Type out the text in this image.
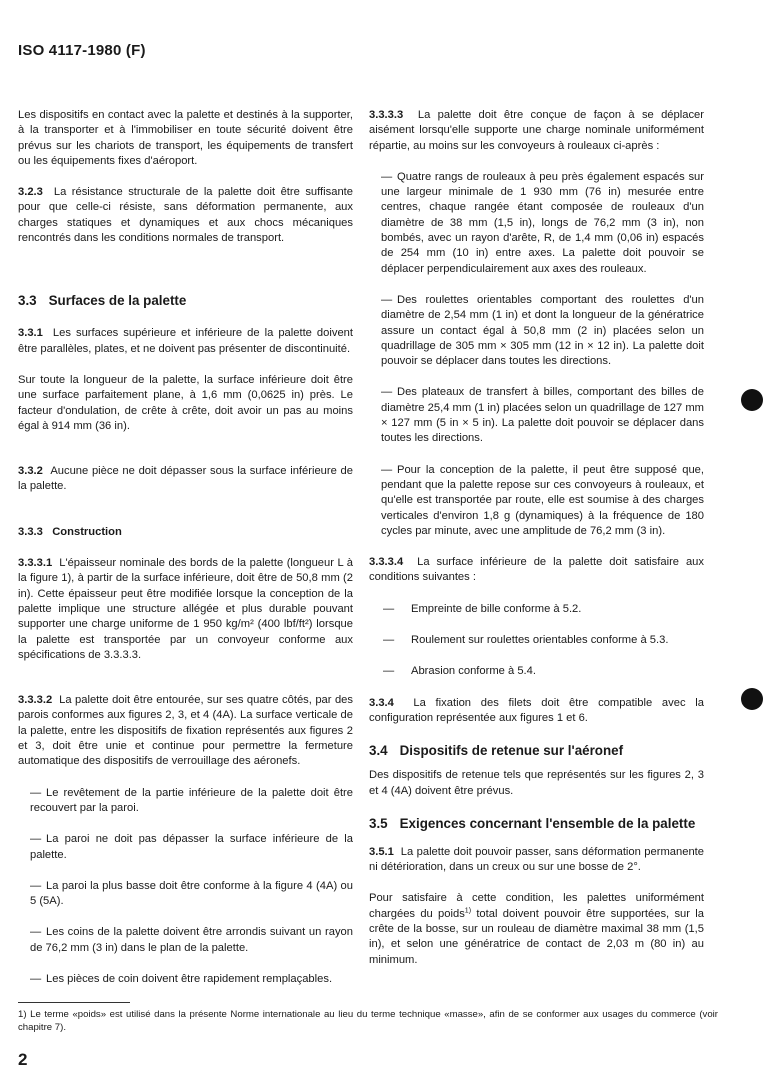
ISO 4117-1980 (F)

Les dispositifs en contact avec la palette et destinés à la supporter, à la transporter et à l'immobiliser en toute sécurité doivent être prévus sur les chariots de transport, les équipements de transfert ou les équipements fixes d'aéroport.

3.2.3 La résistance structurale de la palette doit être suffisante pour que celle-ci résiste, sans déformation permanente, aux charges statiques et dynamiques et aux chocs mécaniques rencontrés dans les conditions normales de transport.

3.3 Surfaces de la palette

3.3.1 Les surfaces supérieure et inférieure de la palette doivent être parallèles, plates, et ne doivent pas présenter de discontinuité.

Sur toute la longueur de la palette, la surface inférieure doit être une surface parfaitement plane, à 1,6 mm (0,0625 in) près. Le facteur d'ondulation, de crête à crête, doit avoir un pas au moins égal à 914 mm (36 in).

3.3.2 Aucune pièce ne doit dépasser sous la surface inférieure de la palette.

3.3.3 Construction

3.3.3.1 L'épaisseur nominale des bords de la palette (longueur L à la figure 1), à partir de la surface inférieure, doit être de 50,8 mm (2 in). Cette épaisseur peut être modifiée lorsque la conception de la palette implique une structure allégée et plus durable pouvant supporter une charge uniforme de 1 950 kg/m² (400 lbf/ft²) lorsque la palette est transportée par un convoyeur conforme aux spécifications de 3.3.3.3.

3.3.3.2 La palette doit être entourée, sur ses quatre côtés, par des parois conformes aux figures 2, 3, et 4 (4A). La surface verticale de la palette, entre les dispositifs de fixation représentés aux figures 2 et 3, doit être unie et continue pour permettre la fermeture automatique des dispositifs de verrouillage des aéronefs.

— Le revêtement de la partie inférieure de la palette doit être recouvert par la paroi.

— La paroi ne doit pas dépasser la surface inférieure de la palette.

— La paroi la plus basse doit être conforme à la figure 4 (4A) ou 5 (5A).

— Les coins de la palette doivent être arrondis suivant un rayon de 76,2 mm (3 in) dans le plan de la palette.

— Les pièces de coin doivent être rapidement remplaçables.

3.3.3.3 La palette doit être conçue de façon à se déplacer aisément lorsqu'elle supporte une charge nominale uniformément répartie, au moins sur les convoyeurs à rouleaux ci-après :

— Quatre rangs de rouleaux à peu près également espacés sur une largeur minimale de 1 930 mm (76 in) mesurée entre centres, chaque rangée étant composée de rouleaux d'un diamètre de 38 mm (1,5 in), longs de 76,2 mm (3 in), non bombés, avec un rayon d'arête, R, de 1,4 mm (0,06 in) espacés de 254 mm (10 in) entre axes. La palette doit pouvoir se déplacer perpendiculairement aux axes des rouleaux.

— Des roulettes orientables comportant des roulettes d'un diamètre de 2,54 mm (1 in) et dont la longueur de la génératrice assure un contact égal à 50,8 mm (2 in) placées selon un quadrillage de 305 mm × 305 mm (12 in × 12 in). La palette doit pouvoir se déplacer dans toutes les directions.

— Des plateaux de transfert à billes, comportant des billes de diamètre 25,4 mm (1 in) placées selon un quadrillage de 127 mm × 127 mm (5 in × 5 in). La palette doit pouvoir se déplacer dans toutes les directions.

— Pour la conception de la palette, il peut être supposé que, pendant que la palette repose sur ces convoyeurs à rouleaux, et qu'elle est transportée par route, elle est soumise à des charges verticales d'environ 1,8 g (dynamiques) à la fréquence de 180 cycles par minute, avec une amplitude de 76,2 mm (3 in).

3.3.3.4 La surface inférieure de la palette doit satisfaire aux conditions suivantes :

— Empreinte de bille conforme à 5.2.

— Roulement sur roulettes orientables conforme à 5.3.

— Abrasion conforme à 5.4.

3.3.4 La fixation des filets doit être compatible avec la configuration représentée aux figures 1 et 6.

3.4 Dispositifs de retenue sur l'aéronef

Des dispositifs de retenue tels que représentés sur les figures 2, 3 et 4 (4A) doivent être prévus.

3.5 Exigences concernant l'ensemble de la palette

3.5.1 La palette doit pouvoir passer, sans déformation permanente ni détérioration, dans un creux ou sur une bosse de 2°.

Pour satisfaire à cette condition, les palettes uniformément chargées du poids$^{1)}$ total doivent pouvoir être supportées, sur la crête de la bosse, sur un rouleau de diamètre maximal 38 mm (1,5 in), et selon une génératrice de contact de 2,03 m (80 in) au minimum.

1) Le terme «poids» est utilisé dans la présente Norme internationale au lieu du terme technique «masse», afin de se conformer aux usages du commerce (voir chapitre 7).
2
